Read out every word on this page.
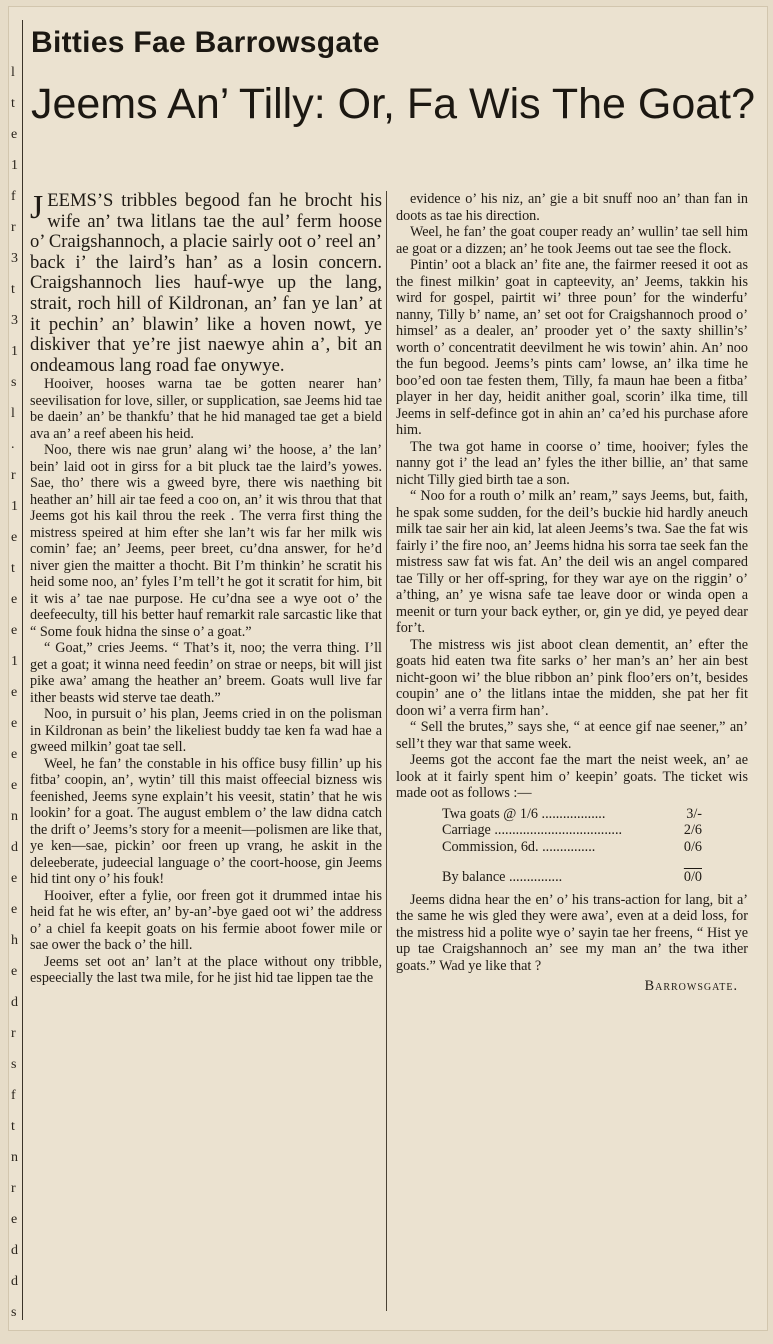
l
t
e
1
f
r
3
t
3
1
s
l
.
r
1
e
t
e
e
1
e
e
e
e
n
d
e
e
h
e
d
r
s
f
t
n
r
e
d
d
s
Bitties Fae Barrowsgate
Jeems An’ Tilly: Or, Fa Wis The Goat?

JEEMS’S tribbles begood fan he brocht his wife an’ twa litlans tae the aul’ ferm hoose o’ Craigshannoch, a placie sairly oot o’ reel an’ back i’ the laird’s han’ as a losin concern. Craigshannoch lies hauf-wye up the lang, strait, roch hill of Kildronan, an’ fan ye lan’ at it pechin’ an’ blawin’ like a hoven nowt, ye diskiver that ye’re jist naewye ahin a’, bit an ondeamous lang road fae onywye.

Hooiver, hooses warna tae be gotten nearer han’ seevilisation for love, siller, or supplication, sae Jeems hid tae be daein’ an’ be thankfu’ that he hid managed tae get a bield ava an’ a reef abeen his heid.

Noo, there wis nae grun’ alang wi’ the hoose, a’ the lan’ bein’ laid oot in girss for a bit pluck tae the laird’s yowes. Sae, tho’ there wis a gweed byre, there wis naething bit heather an’ hill air tae feed a coo on, an’ it wis throu that that Jeems got his kail throu the reek . The verra first thing the mistress speired at him efter she lan’t wis far her milk wis comin’ fae; an’ Jeems, peer breet, cu’dna answer, for he’d niver gien the maitter a thocht. Bit I’m thinkin’ he scratit his heid some noo, an’ fyles I’m tell’t he got it scratit for him, bit it wis a’ tae nae purpose. He cu’dna see a wye oot o’ the deefeeculty, till his better hauf remarkit rale sarcastic like that “ Some fouk hidna the sinse o’ a goat.”

“ Goat,” cries Jeems. “ That’s it, noo; the verra thing. I’ll get a goat; it winna need feedin’ on strae or neeps, bit will jist pike awa’ amang the heather an’ breem. Goats wull live far ither beasts wid sterve tae death.”

Noo, in pursuit o’ his plan, Jeems cried in on the polisman in Kildronan as bein’ the likeliest buddy tae ken fa wad hae a gweed milkin’ goat tae sell.

Weel, he fan’ the constable in his office busy fillin’ up his fitba’ coopin, an’, wytin’ till this maist offeecial bizness wis feenished, Jeems syne explain’t his veesit, statin’ that he wis lookin’ for a goat. The august emblem o’ the law didna catch the drift o’ Jeems’s story for a meenit—polismen are like that, ye ken—sae, pickin’ oor freen up vrang, he askit in the deleeberate, judeecial language o’ the coort-hoose, gin Jeems hid tint ony o’ his fouk!

Hooiver, efter a fylie, oor freen got it drummed intae his heid fat he wis efter, an’ by-an’-bye gaed oot wi’ the address o’ a chiel fa keepit goats on his fermie aboot fower mile or sae ower the back o’ the hill.

Jeems set oot an’ lan’t at the place without ony tribble, espeecially the last twa mile, for he jist hid tae lippen tae the

evidence o’ his niz, an’ gie a bit snuff noo an’ than fan in doots as tae his direction.

Weel, he fan’ the goat couper ready an’ wullin’ tae sell him ae goat or a dizzen; an’ he took Jeems out tae see the flock.

Pintin’ oot a black an’ fite ane, the fairmer reesed it oot as the finest milkin’ goat in capteevity, an’ Jeems, takkin his wird for gospel, pairtit wi’ three poun’ for the winderfu’ nanny, Tilly b’ name, an’ set oot for Craigshannoch prood o’ himsel’ as a dealer, an’ prooder yet o’ the saxty shillin’s’ worth o’ concentratit deevilment he wis towin’ ahin. An’ noo the fun begood. Jeems’s pints cam’ lowse, an’ ilka time he boo’ed oon tae festen them, Tilly, fa maun hae been a fitba’ player in her day, heidit anither goal, scorin’ ilka time, till Jeems in self-defince got in ahin an’ ca’ed his purchase afore him.

The twa got hame in coorse o’ time, hooiver; fyles the nanny got i’ the lead an’ fyles the ither billie, an’ that same nicht Tilly gied birth tae a son.

“ Noo for a routh o’ milk an’ ream,” says Jeems, but, faith, he spak some sudden, for the deil’s buckie hid hardly aneuch milk tae sair her ain kid, lat aleen Jeems’s twa. Sae the fat wis fairly i’ the fire noo, an’ Jeems hidna his sorra tae seek fan the mistress saw fat wis fat. An’ the deil wis an angel compared tae Tilly or her off-spring, for they war aye on the riggin’ o’ a’thing, an’ ye wisna safe tae leave door or winda open a meenit or turn your back eyther, or, gin ye did, ye peyed dear for’t.

The mistress wis jist aboot clean dementit, an’ efter the goats hid eaten twa fite sarks o’ her man’s an’ her ain best nicht-goon wi’ the blue ribbon an’ pink floo’ers on’t, besides coupin’ ane o’ the litlans intae the midden, she pat her fit doon wi’ a verra firm han’.

“ Sell the brutes,” says she, “ at eence gif nae seener,” an’ sell’t they war that same week.

Jeems got the accont fae the mart the neist week, an’ ae look at it fairly spent him o’ keepin’ goats. The ticket wis made oot as follows :—

Twa goats @ 1/6 ..................	3/-
Carriage ....................................	2/6
Commission, 6d. ...............	0/6
By balance ...............	0/0

Jeems didna hear the en’ o’ his trans-action for lang, bit a’ the same he wis gled they were awa’, even at a deid loss, for the mistress hid a polite wye o’ sayin tae her freens, “ Hist ye up tae Craigshannoch an’ see my man an’ the twa ither goats.” Wad ye like that ?

Barrowsgate.
